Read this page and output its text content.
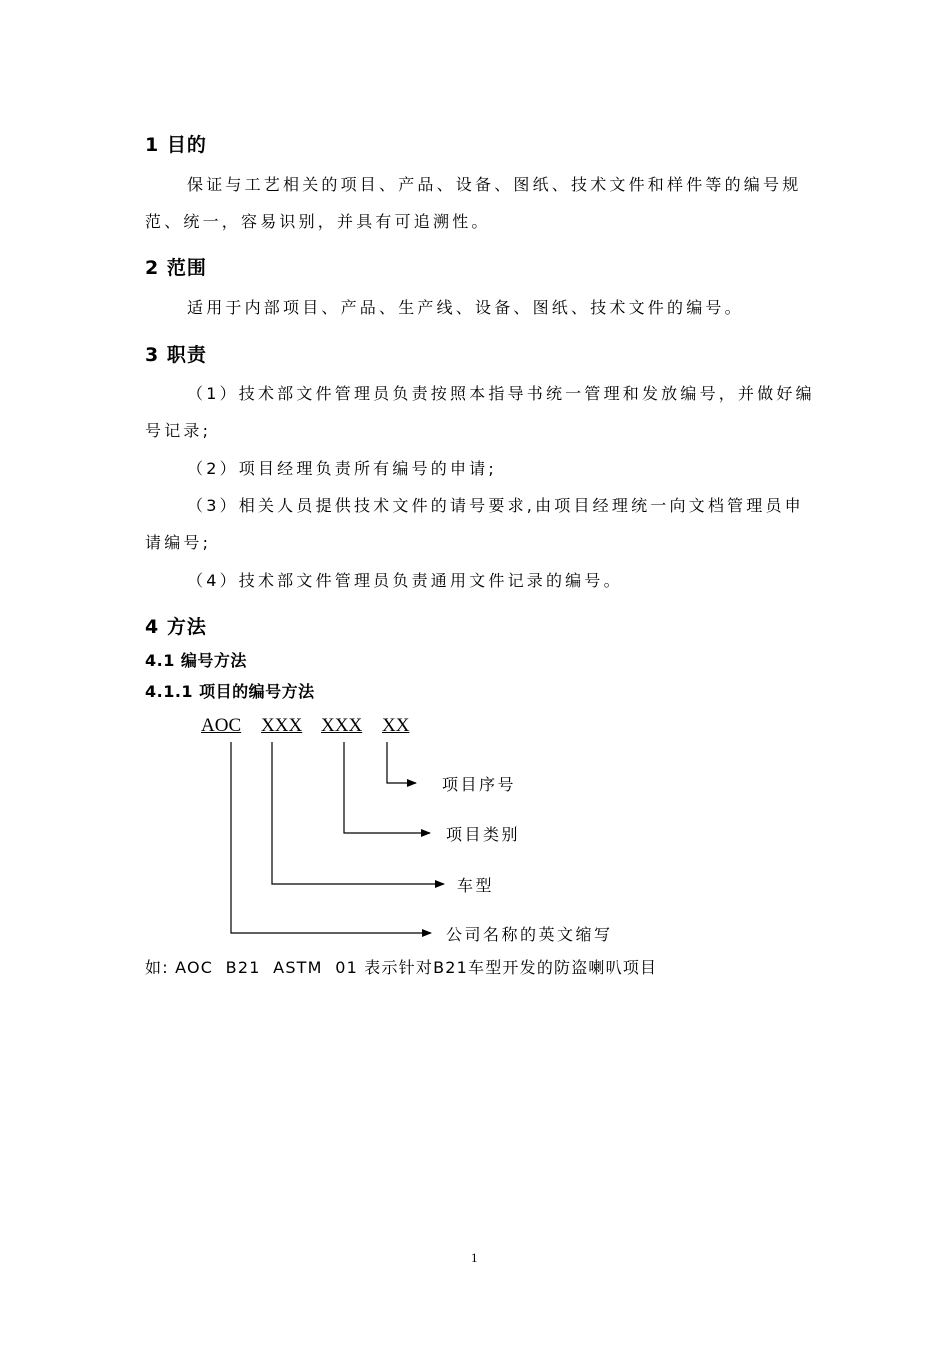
1 目的
保证与工艺相关的项目、产品、设备、图纸、技术文件和样件等的编号规
范、统一，容易识别，并具有可追溯性。
2 范围
适用于内部项目、产品、生产线、设备、图纸、技术文件的编号。
3 职责
（1）技术部文件管理员负责按照本指导书统一管理和发放编号，并做好编
号记录;
（2）项目经理负责所有编号的申请;
（3）相关人员提供技术文件的请号要求,由项目经理统一向文档管理员申
请编号;
（4）技术部文件管理员负责通用文件记录的编号。
4 方法
4.1 编号方法
4.1.1 项目的编号方法
AOC XXX XXX XX
项目序号
项目类别
车型
公司名称的英文缩写
如: AOC  B21  ASTM  01 表示针对B21车型开发的防盗喇叭项目
1
